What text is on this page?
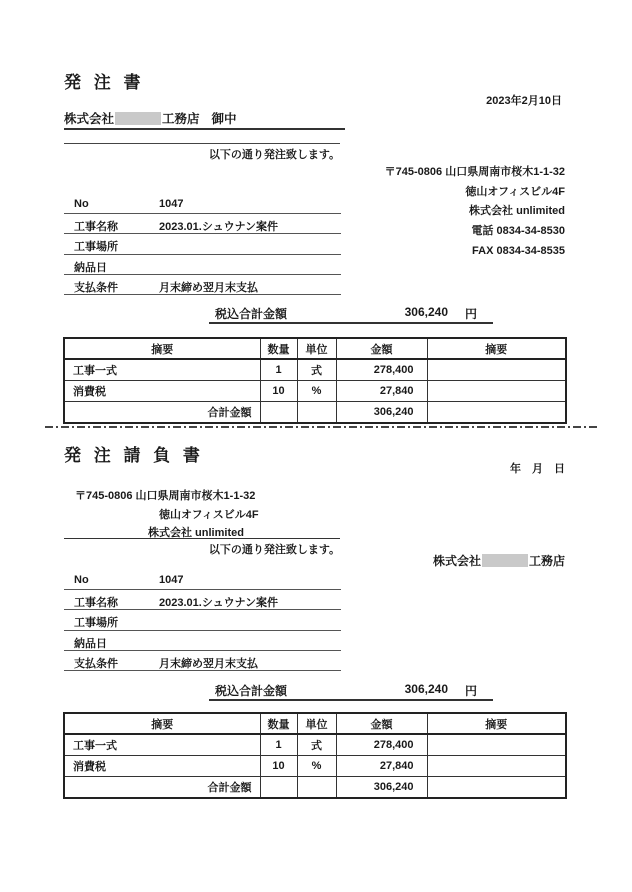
発 注 書
2023年2月10日
株式会社	工務店 御中
以下の通り発注致します。
〒745-0806 山口県周南市桜木1-1-32
徳山オフィスビル4F
株式会社 unlimited
電話 0834-34-8530
FAX 0834-34-8535
No	1047
工事名称	2023.01.シュウナン案件
工事場所
納品日
支払条件	月末締め翌月末支払
税込合計金額	306,240 円
摘要	数量	単位	金額	摘要
工事一式	1	式	278,400	
消費税	10	%	27,840	
合計金額			306,240	
発 注 請 負 書
年　月　日
〒745-0806 山口県周南市桜木1-1-32
徳山オフィスビル4F
株式会社 unlimited
以下の通り発注致します。
株式会社	工務店
No	1047
工事名称	2023.01.シュウナン案件
工事場所
納品日
支払条件	月末締め翌月末支払
税込合計金額	306,240 円
摘要	数量	単位	金額	摘要
工事一式	1	式	278,400	
消費税	10	%	27,840	
合計金額			306,240	
